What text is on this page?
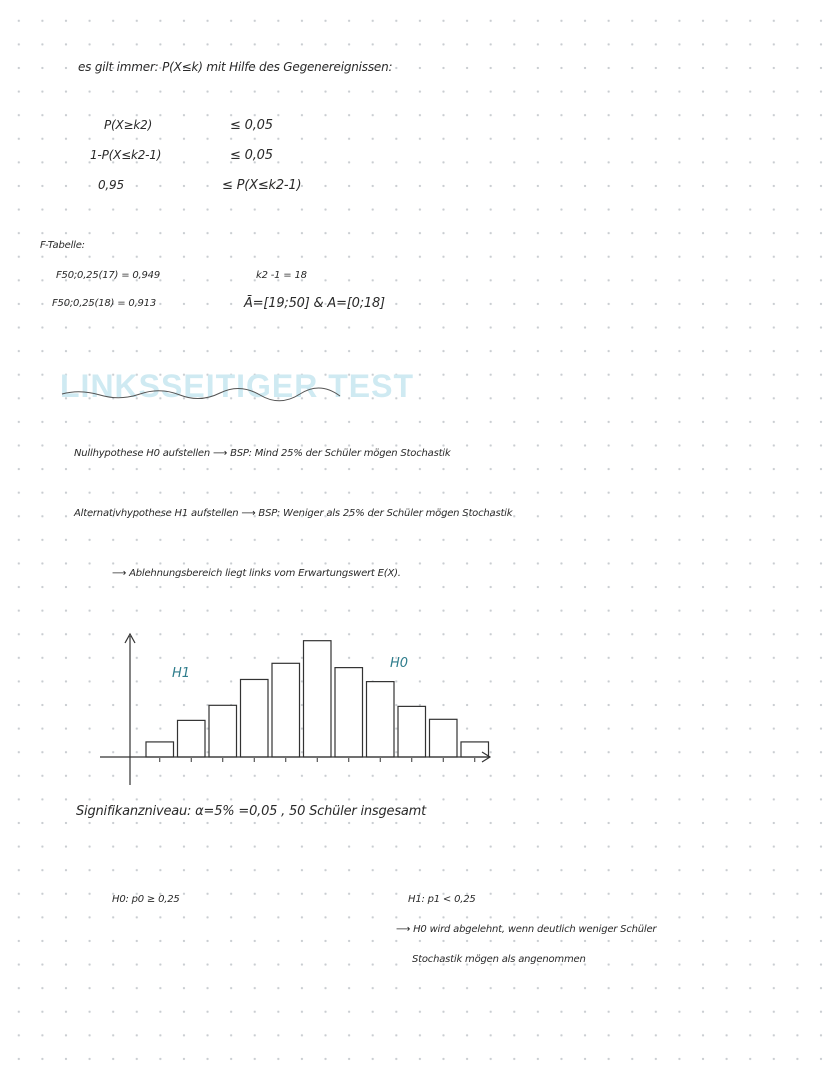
es gilt immer: P(X≤k) mit Hilfe des Gegenereignissen:
P(X≥k2)	≤ 0,05
1-P(X≤k2-1)	≤ 0,05
0,95	≤ P(X≤k2-1)
F-Tabelle:
F50;0,25(17) = 0,949
F50;0,25(18) = 0,913
k2 -1 = 18
Ā=[19;50] & A=[0;18]
LINKSSEITIGER TEST
Nullhypothese H0 aufstellen ⟶ BSP: Mind 25% der Schüler mögen Stochastik
Alternativhypothese H1 aufstellen ⟶ BSP: Weniger als 25% der Schüler mögen Stochastik
⟶ Ablehnungsbereich liegt links vom Erwartungswert E(X).
H1
H0
Signifikanzniveau: α=5% =0,05 , 50 Schüler insgesamt
H0: p0 ≥ 0,25	H1: p1 < 0,25
⟶ H0 wird abgelehnt, wenn deutlich weniger Schüler
Stochastik mögen als angenommen
